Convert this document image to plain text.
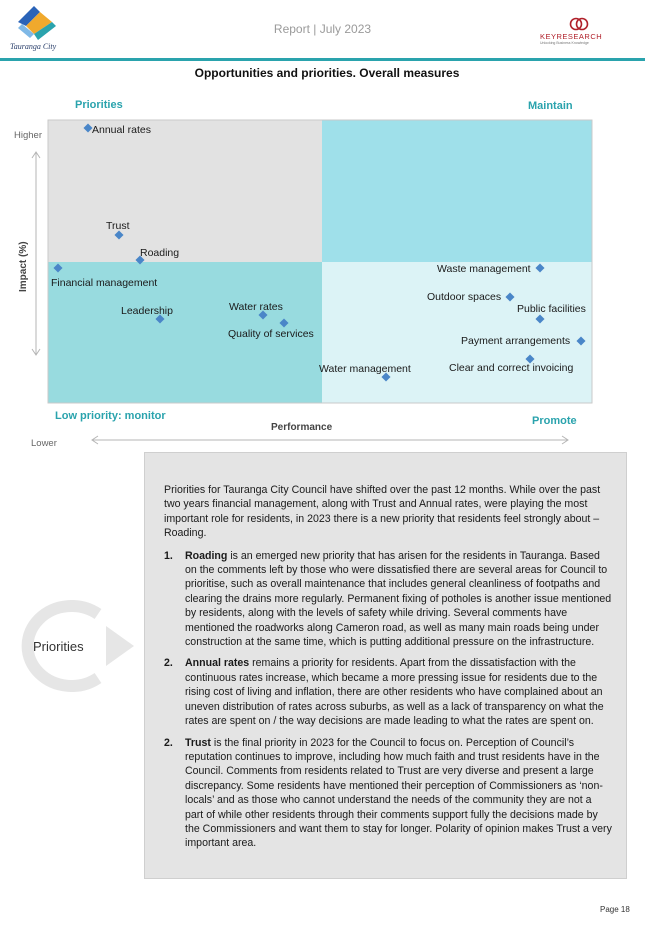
Tauranga City
Report | July 2023
KEYRESEARCH
Unlocking Business Knowledge
Opportunities and priorities. Overall measures
Priorities	Maintain
Low priority: monitor	Promote
Higher
Impact (%)
Lower
Performance
Annual rates
Trust
Roading
Financial management
Leadership	Water rates
Quality of services
Water management
Waste management
Outdoor spaces
Public facilities
Payment arrangements
Clear and correct invoicing
Priorities

Priorities for Tauranga City Council have shifted over the past 12 months. While over the past two years financial management, along with Trust and Annual rates, were playing the most important role for residents, in 2023 there is a new priority that residents feel strongly about – Roading.

1. Roading is an emerged new priority that has arisen for the residents in Tauranga. Based on the comments left by those who were dissatisfied there are several areas for Council to prioritise, such as overall maintenance that includes general cleanliness of footpaths and clearing the drains more regularly. Permanent fixing of potholes is another issue mentioned by residents, along with the levels of safety while driving. Several comments have mentioned the roadworks along Cameron road, as well as many main roads being under construction at the same time, which is putting additional pressure on the infrastructure.
2. Annual rates remains a priority for residents. Apart from the dissatisfaction with the continuous rates increase, which became a more pressing issue for residents due to the rising cost of living and inflation, there are other residents who have complained about an uneven distribution of rates across suburbs, as well as a lack of transparency on what the rates are spent on / the way decisions are made leading to what the rates are spent on.
2. Trust is the final priority in 2023 for the Council to focus on. Perception of Council’s reputation continues to improve, including how much faith and trust residents have in the Council. Comments from residents related to Trust are very diverse and present a large discrepancy. Some residents have mentioned their perception of Commissioners as ‘non-locals’ and as those who cannot understand the needs of the community they are not a part of while other residents through their comments support fully the decisions made by the Commissioners and want them to stay for longer. Polarity of opinion makes Trust a very important area.
Page 18
